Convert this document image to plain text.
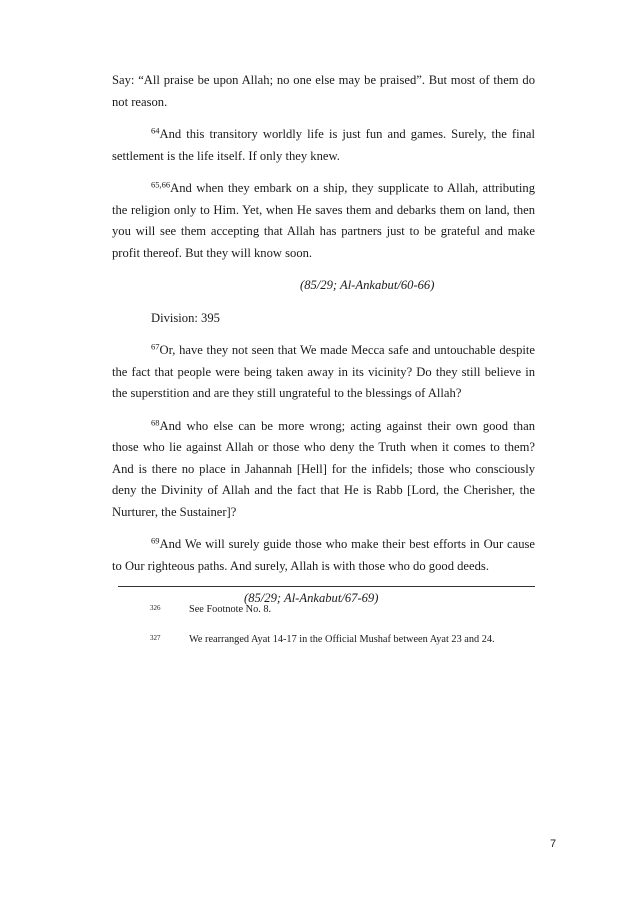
Say: “All praise be upon Allah; no one else may be praised”. But most of them do not reason.
$^{64}$And this transitory worldly life is just fun and games. Surely, the final settlement is the life itself. If only they knew.
$^{65,66}$And when they embark on a ship, they supplicate to Allah, attributing the religion only to Him. Yet, when He saves them and debarks them on land, then you will see them accepting that Allah has partners just to be grateful and make profit thereof. But they will know soon.
(85/29; Al-Ankabut/60-66)
Division: 395
$^{67}$Or, have they not seen that We made Mecca safe and untouchable despite the fact that people were being taken away in its vicinity? Do they still believe in the superstition and are they still ungrateful to the blessings of Allah?
$^{68}$And who else can be more wrong; acting against their own good than those who lie against Allah or those who deny the Truth when it comes to them? And is there no place in Jahannah [Hell] for the infidels; those who consciously deny the Divinity of Allah and the fact that He is Rabb [Lord, the Cherisher, the Nurturer, the Sustainer]?
$^{69}$And We will surely guide those who make their best efforts in Our cause to Our righteous paths. And surely, Allah is with those who do good deeds.
(85/29; Al-Ankabut/67-69)
326	See Footnote No. 8.
327	We rearranged Ayat 14-17 in the Official Mushaf between Ayat 23 and 24.
7
